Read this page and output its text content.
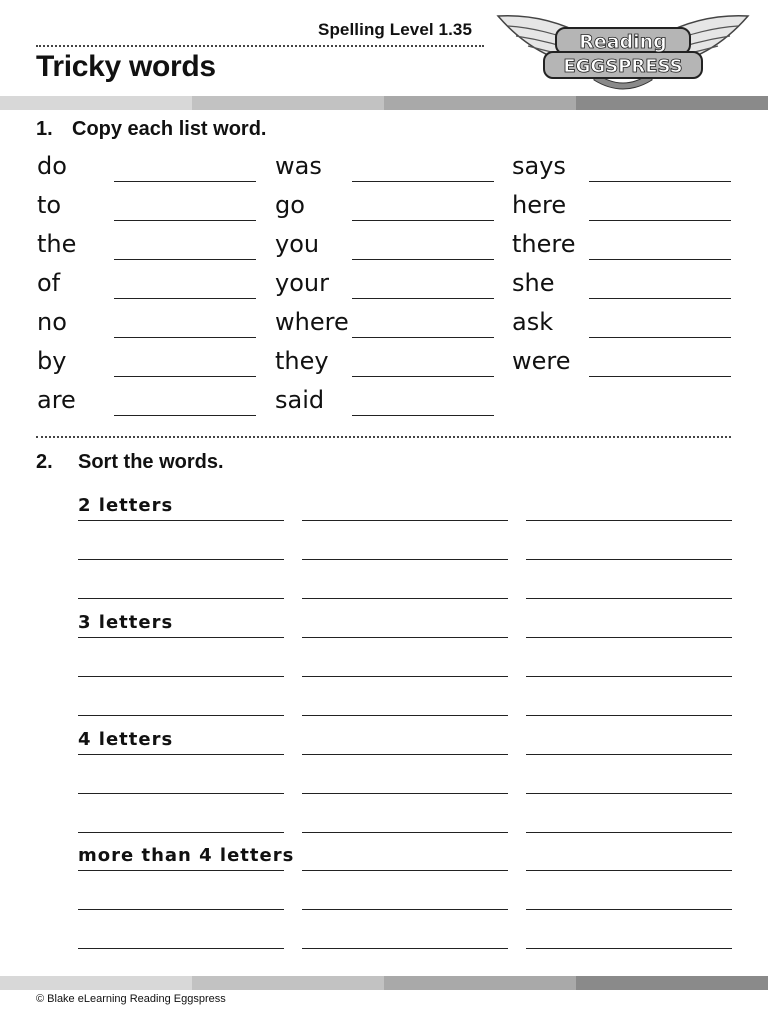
Spelling Level 1.35
Tricky words
Reading
EGGSPRESS
1. Copy each list word.
do
to
the
of
no
by
are
was
go
you
your
where
they
said
says
here
there
she
ask
were
2. Sort the words.
2 letters
3 letters
4 letters
more than 4 letters
© Blake eLearning Reading Eggspress
